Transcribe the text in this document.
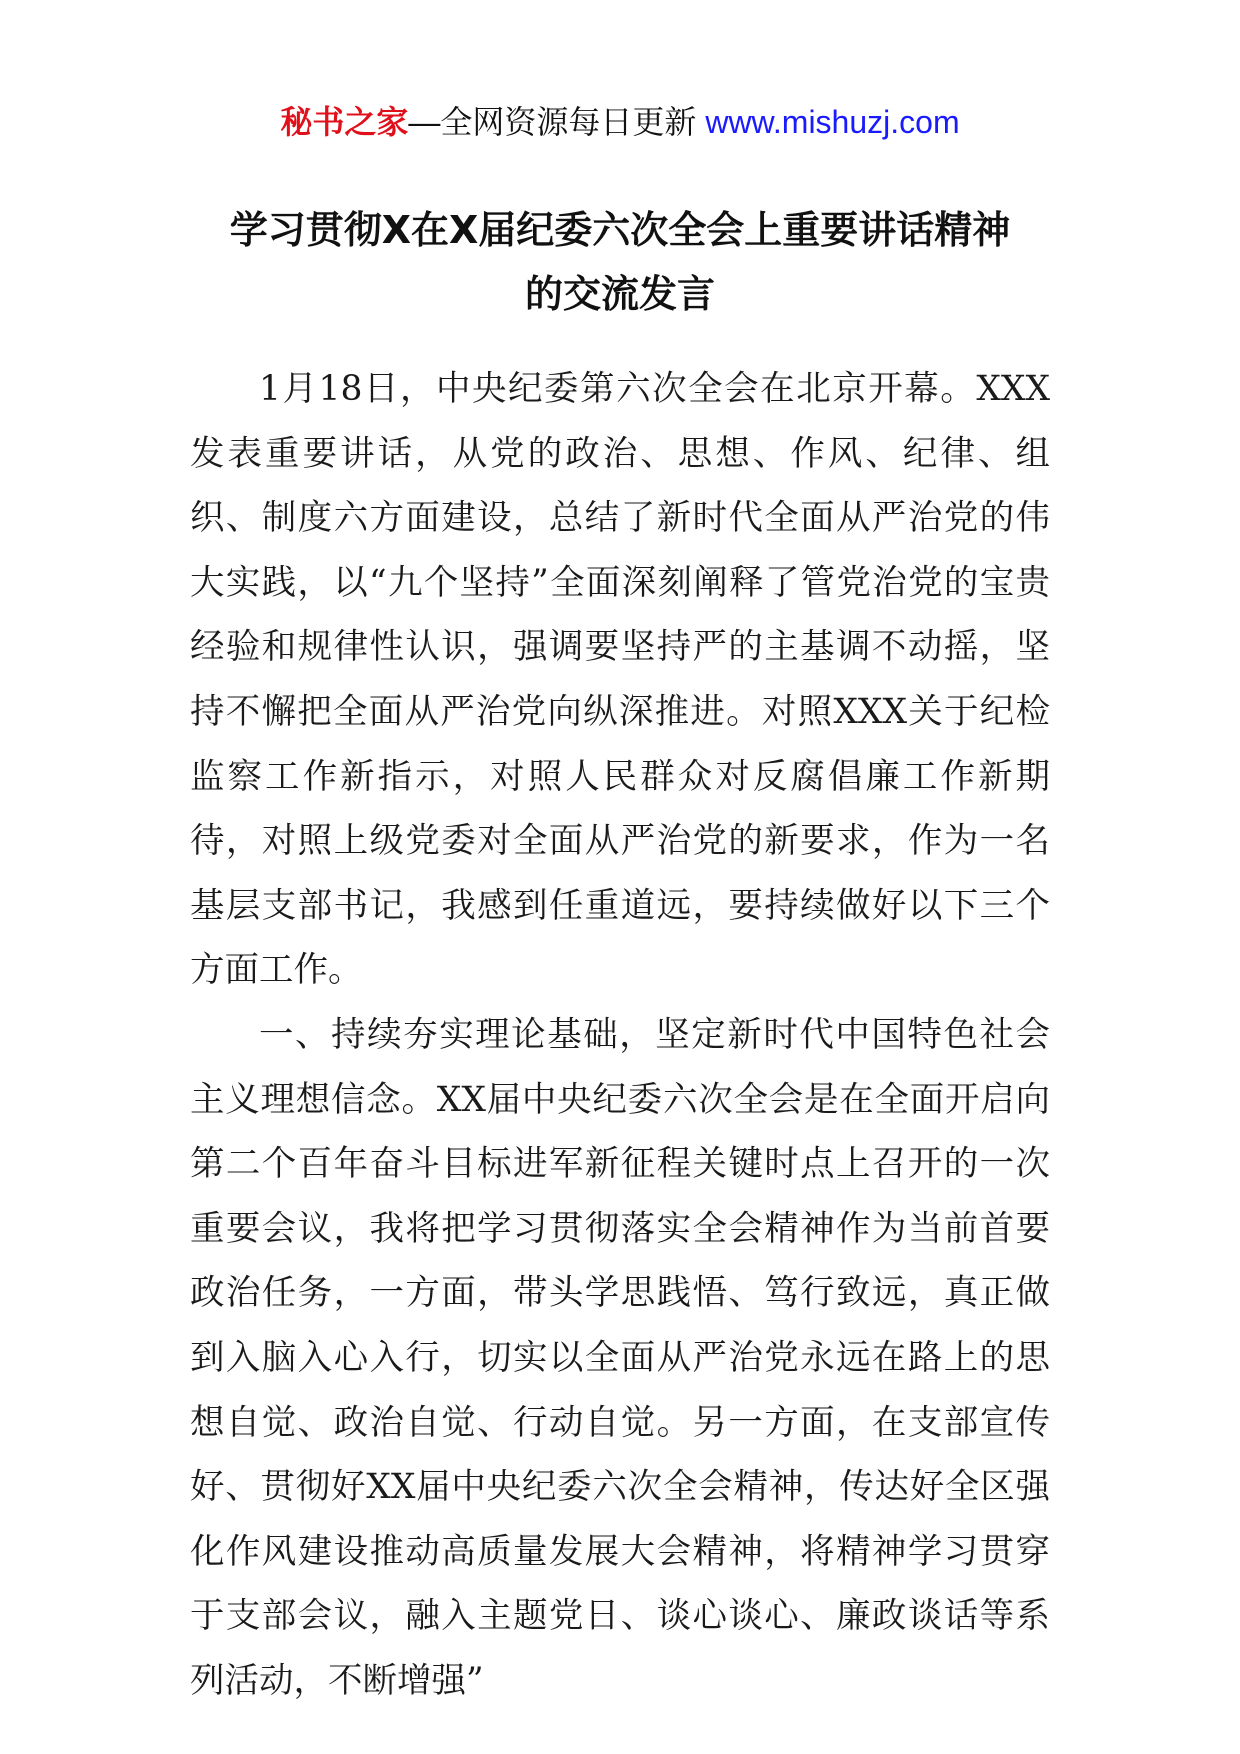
秘书之家—全网资源每日更新 www.mishuzj.com
学习贯彻X在X届纪委六次全会上重要讲话精神
的交流发言

1月18日，中央纪委第六次全会在北京开幕。XXX发表重要讲话，从党的政治、思想、作风、纪律、组织、制度六方面建设，总结了新时代全面从严治党的伟大实践，以“九个坚持”全面深刻阐释了管党治党的宝贵经验和规律性认识，强调要坚持严的主基调不动摇，坚持不懈把全面从严治党向纵深推进。对照XXX关于纪检监察工作新指示，对照人民群众对反腐倡廉工作新期待，对照上级党委对全面从严治党的新要求，作为一名基层支部书记，我感到任重道远，要持续做好以下三个方面工作。

一、持续夯实理论基础，坚定新时代中国特色社会主义理想信念。XX届中央纪委六次全会是在全面开启向第二个百年奋斗目标进军新征程关键时点上召开的一次重要会议，我将把学习贯彻落实全会精神作为当前首要政治任务，一方面，带头学思践悟、笃行致远，真正做到入脑入心入行，切实以全面从严治党永远在路上的思想自觉、政治自觉、行动自觉。另一方面，在支部宣传好、贯彻好XX届中央纪委六次全会精神，传达好全区强化作风建设推动高质量发展大会精神，将精神学习贯穿于支部会议，融入主题党日、谈心谈心、廉政谈话等系列活动，不断增强”
